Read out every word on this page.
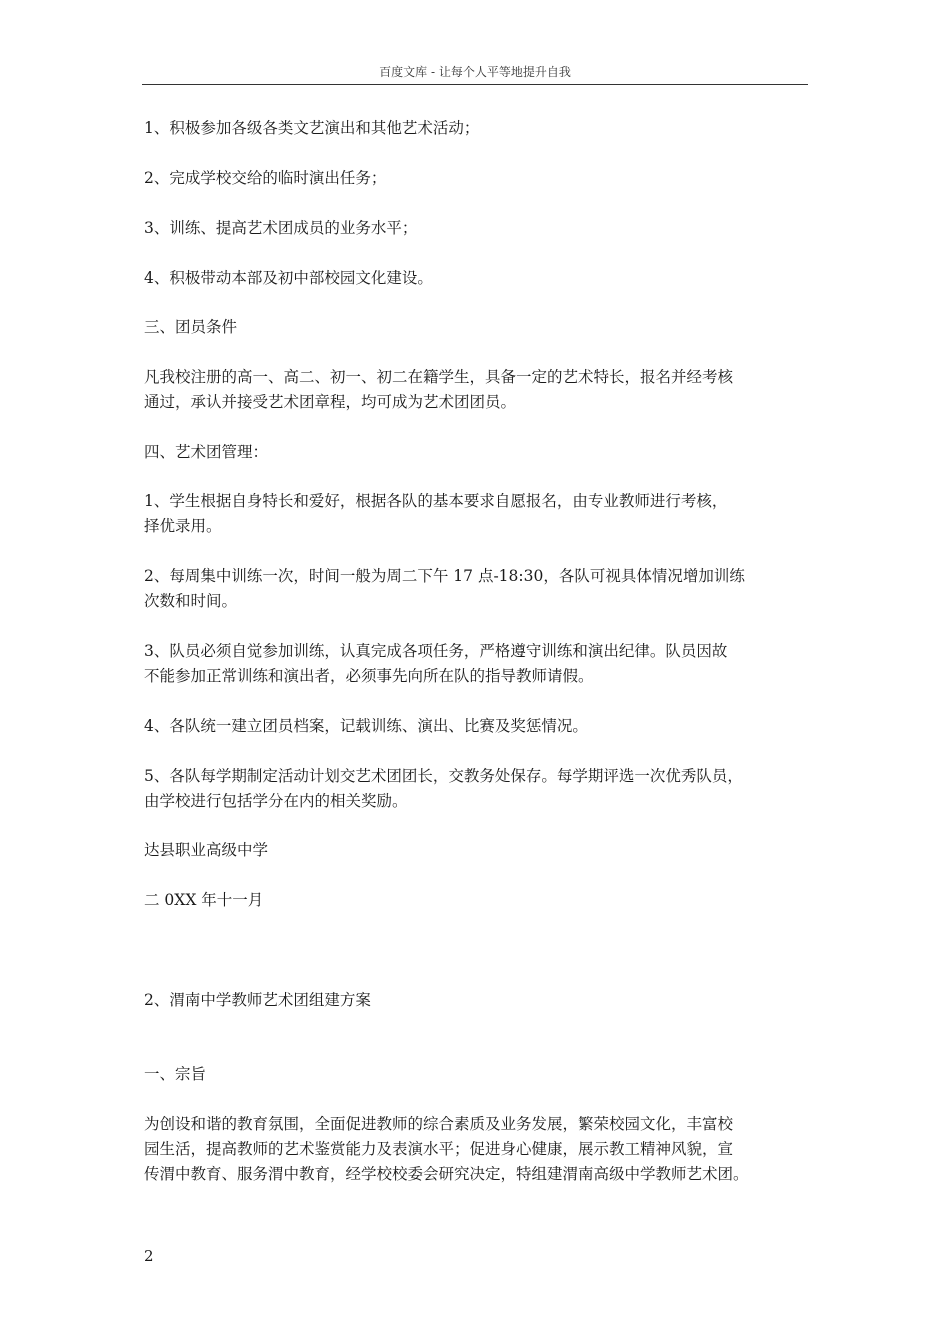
百度文库 - 让每个人平等地提升自我
1、积极参加各级各类文艺演出和其他艺术活动；
2、完成学校交给的临时演出任务；
3、训练、提高艺术团成员的业务水平；
4、积极带动本部及初中部校园文化建设。
三、团员条件
凡我校注册的高一、高二、初一、初二在籍学生，具备一定的艺术特长，报名并经考核
通过，承认并接受艺术团章程，均可成为艺术团团员。
四、艺术团管理：
1、学生根据自身特长和爱好，根据各队的基本要求自愿报名，由专业教师进行考核，
择优录用。
2、每周集中训练一次，时间一般为周二下午 17 点-18:30，各队可视具体情况增加训练
次数和时间。
3、队员必须自觉参加训练，认真完成各项任务，严格遵守训练和演出纪律。队员因故
不能参加正常训练和演出者，必须事先向所在队的指导教师请假。
4、各队统一建立团员档案，记载训练、演出、比赛及奖惩情况。
5、各队每学期制定活动计划交艺术团团长，交教务处保存。每学期评选一次优秀队员，
由学校进行包括学分在内的相关奖励。
达县职业高级中学
二 0XX 年十一月
2、渭南中学教师艺术团组建方案
一、宗旨
为创设和谐的教育氛围，全面促进教师的综合素质及业务发展，繁荣校园文化，丰富校
园生活，提高教师的艺术鉴赏能力及表演水平；促进身心健康，展示教工精神风貌，宣
传渭中教育、服务渭中教育，经学校校委会研究决定，特组建渭南高级中学教师艺术团。
2
